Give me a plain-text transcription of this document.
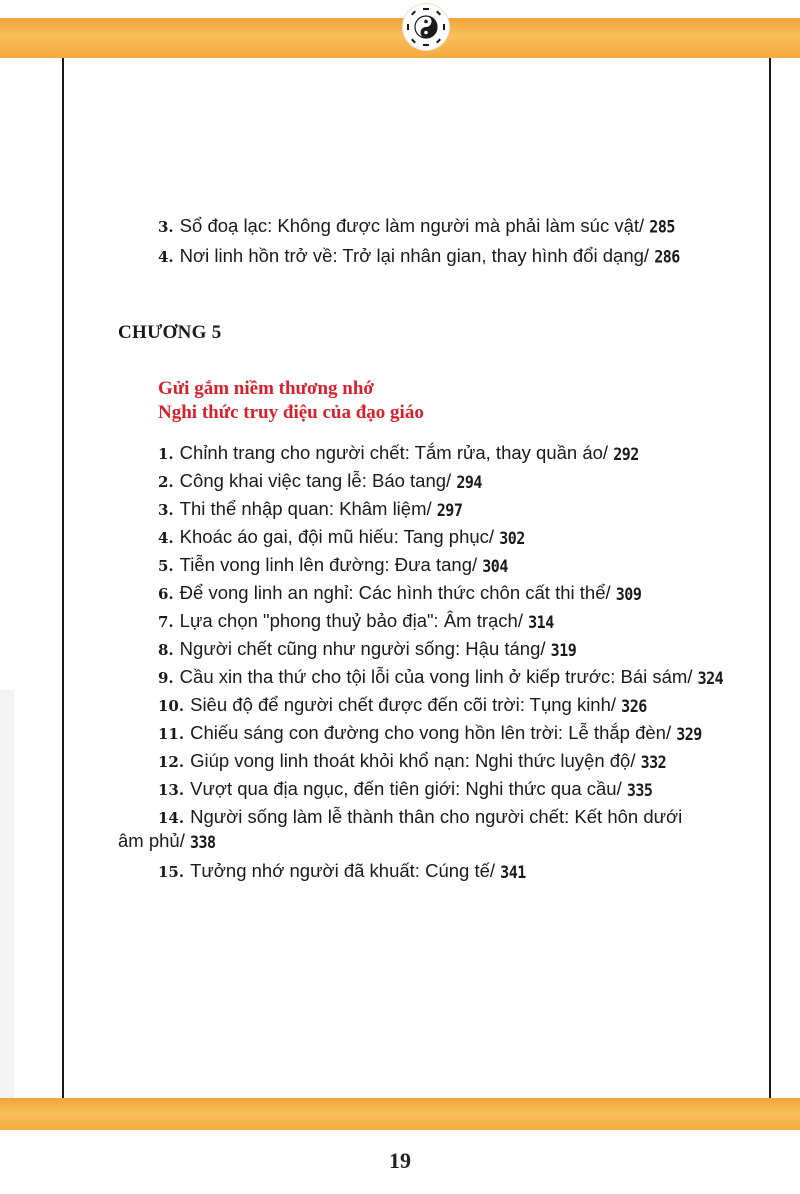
3. Sổ đoạ lạc: Không được làm người mà phải làm súc vật/ 285
4. Nơi linh hồn trở về: Trở lại nhân gian, thay hình đổi dạng/ 286
CHƯƠNG 5
Gửi gắm niềm thương nhớ
Nghi thức truy điệu của đạo giáo
1. Chỉnh trang cho người chết: Tắm rửa, thay quần áo/ 292
2. Công khai việc tang lễ: Báo tang/ 294
3. Thi thể nhập quan: Khâm liệm/ 297
4. Khoác áo gai, đội mũ hiếu: Tang phục/ 302
5. Tiễn vong linh lên đường: Đưa tang/ 304
6. Để vong linh an nghỉ: Các hình thức chôn cất thi thể/ 309
7. Lựa chọn "phong thuỷ bảo địa": Âm trạch/ 314
8. Người chết cũng như người sống: Hậu táng/ 319
9. Cầu xin tha thứ cho tội lỗi của vong linh ở kiếp trước: Bái sám/ 324
10. Siêu độ để người chết được đến cõi trời: Tụng kinh/ 326
11. Chiếu sáng con đường cho vong hồn lên trời: Lễ thắp đèn/ 329
12. Giúp vong linh thoát khỏi khổ nạn: Nghi thức luyện độ/ 332
13. Vượt qua địa ngục, đến tiên giới: Nghi thức qua cầu/ 335
14. Người sống làm lễ thành thân cho người chết: Kết hôn dưới
âm phủ/ 338
15. Tưởng nhớ người đã khuất: Cúng tế/ 341
19
